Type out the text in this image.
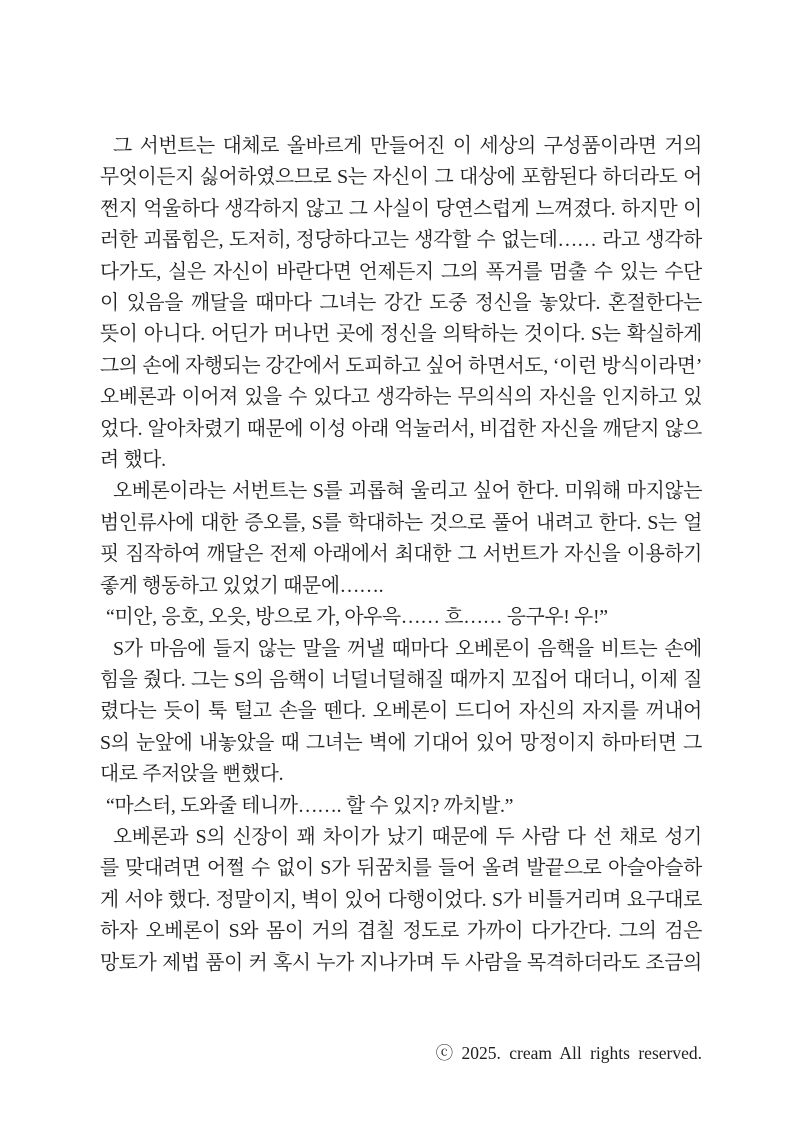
그 서번트는 대체로 올바르게 만들어진 이 세상의 구성품이라면 거의
무엇이든지 싫어하였으므로 S는 자신이 그 대상에 포함된다 하더라도 어
쩐지 억울하다 생각하지 않고 그 사실이 당연스럽게 느껴졌다. 하지만 이
러한 괴롭힘은, 도저히, 정당하다고는 생각할 수 없는데…… 라고 생각하
다가도, 실은 자신이 바란다면 언제든지 그의 폭거를 멈출 수 있는 수단
이 있음을 깨달을 때마다 그녀는 강간 도중 정신을 놓았다. 혼절한다는
뜻이 아니다. 어딘가 머나먼 곳에 정신을 의탁하는 것이다. S는 확실하게
그의 손에 자행되는 강간에서 도피하고 싶어 하면서도, ‘이런 방식이라면’
오베론과 이어져 있을 수 있다고 생각하는 무의식의 자신을 인지하고 있
었다. 알아차렸기 때문에 이성 아래 억눌러서, 비겁한 자신을 깨닫지 않으
려 했다.
오베론이라는 서번트는 S를 괴롭혀 울리고 싶어 한다. 미워해 마지않는
범인류사에 대한 증오를, S를 학대하는 것으로 풀어 내려고 한다. S는 얼
핏 짐작하여 깨달은 전제 아래에서 최대한 그 서번트가 자신을 이용하기
좋게 행동하고 있었기 때문에…….
“미안, 응호, 오읏, 방으로 가, 아우윽…… 흐…… 응구우! 우!”
S가 마음에 들지 않는 말을 꺼낼 때마다 오베론이 음핵을 비트는 손에
힘을 줬다. 그는 S의 음핵이 너덜너덜해질 때까지 꼬집어 대더니, 이제 질
렸다는 듯이 툭 털고 손을 뗀다. 오베론이 드디어 자신의 자지를 꺼내어
S의 눈앞에 내놓았을 때 그녀는 벽에 기대어 있어 망정이지 하마터면 그
대로 주저앉을 뻔했다.
“마스터, 도와줄 테니까……. 할 수 있지? 까치발.”
오베론과 S의 신장이 꽤 차이가 났기 때문에 두 사람 다 선 채로 성기
를 맞대려면 어쩔 수 없이 S가 뒤꿈치를 들어 올려 발끝으로 아슬아슬하
게 서야 했다. 정말이지, 벽이 있어 다행이었다. S가 비틀거리며 요구대로
하자 오베론이 S와 몸이 거의 겹칠 정도로 가까이 다가간다. 그의 검은
망토가 제법 품이 커 혹시 누가 지나가며 두 사람을 목격하더라도 조금의
ⓒ 2025. cream All rights reserved.
